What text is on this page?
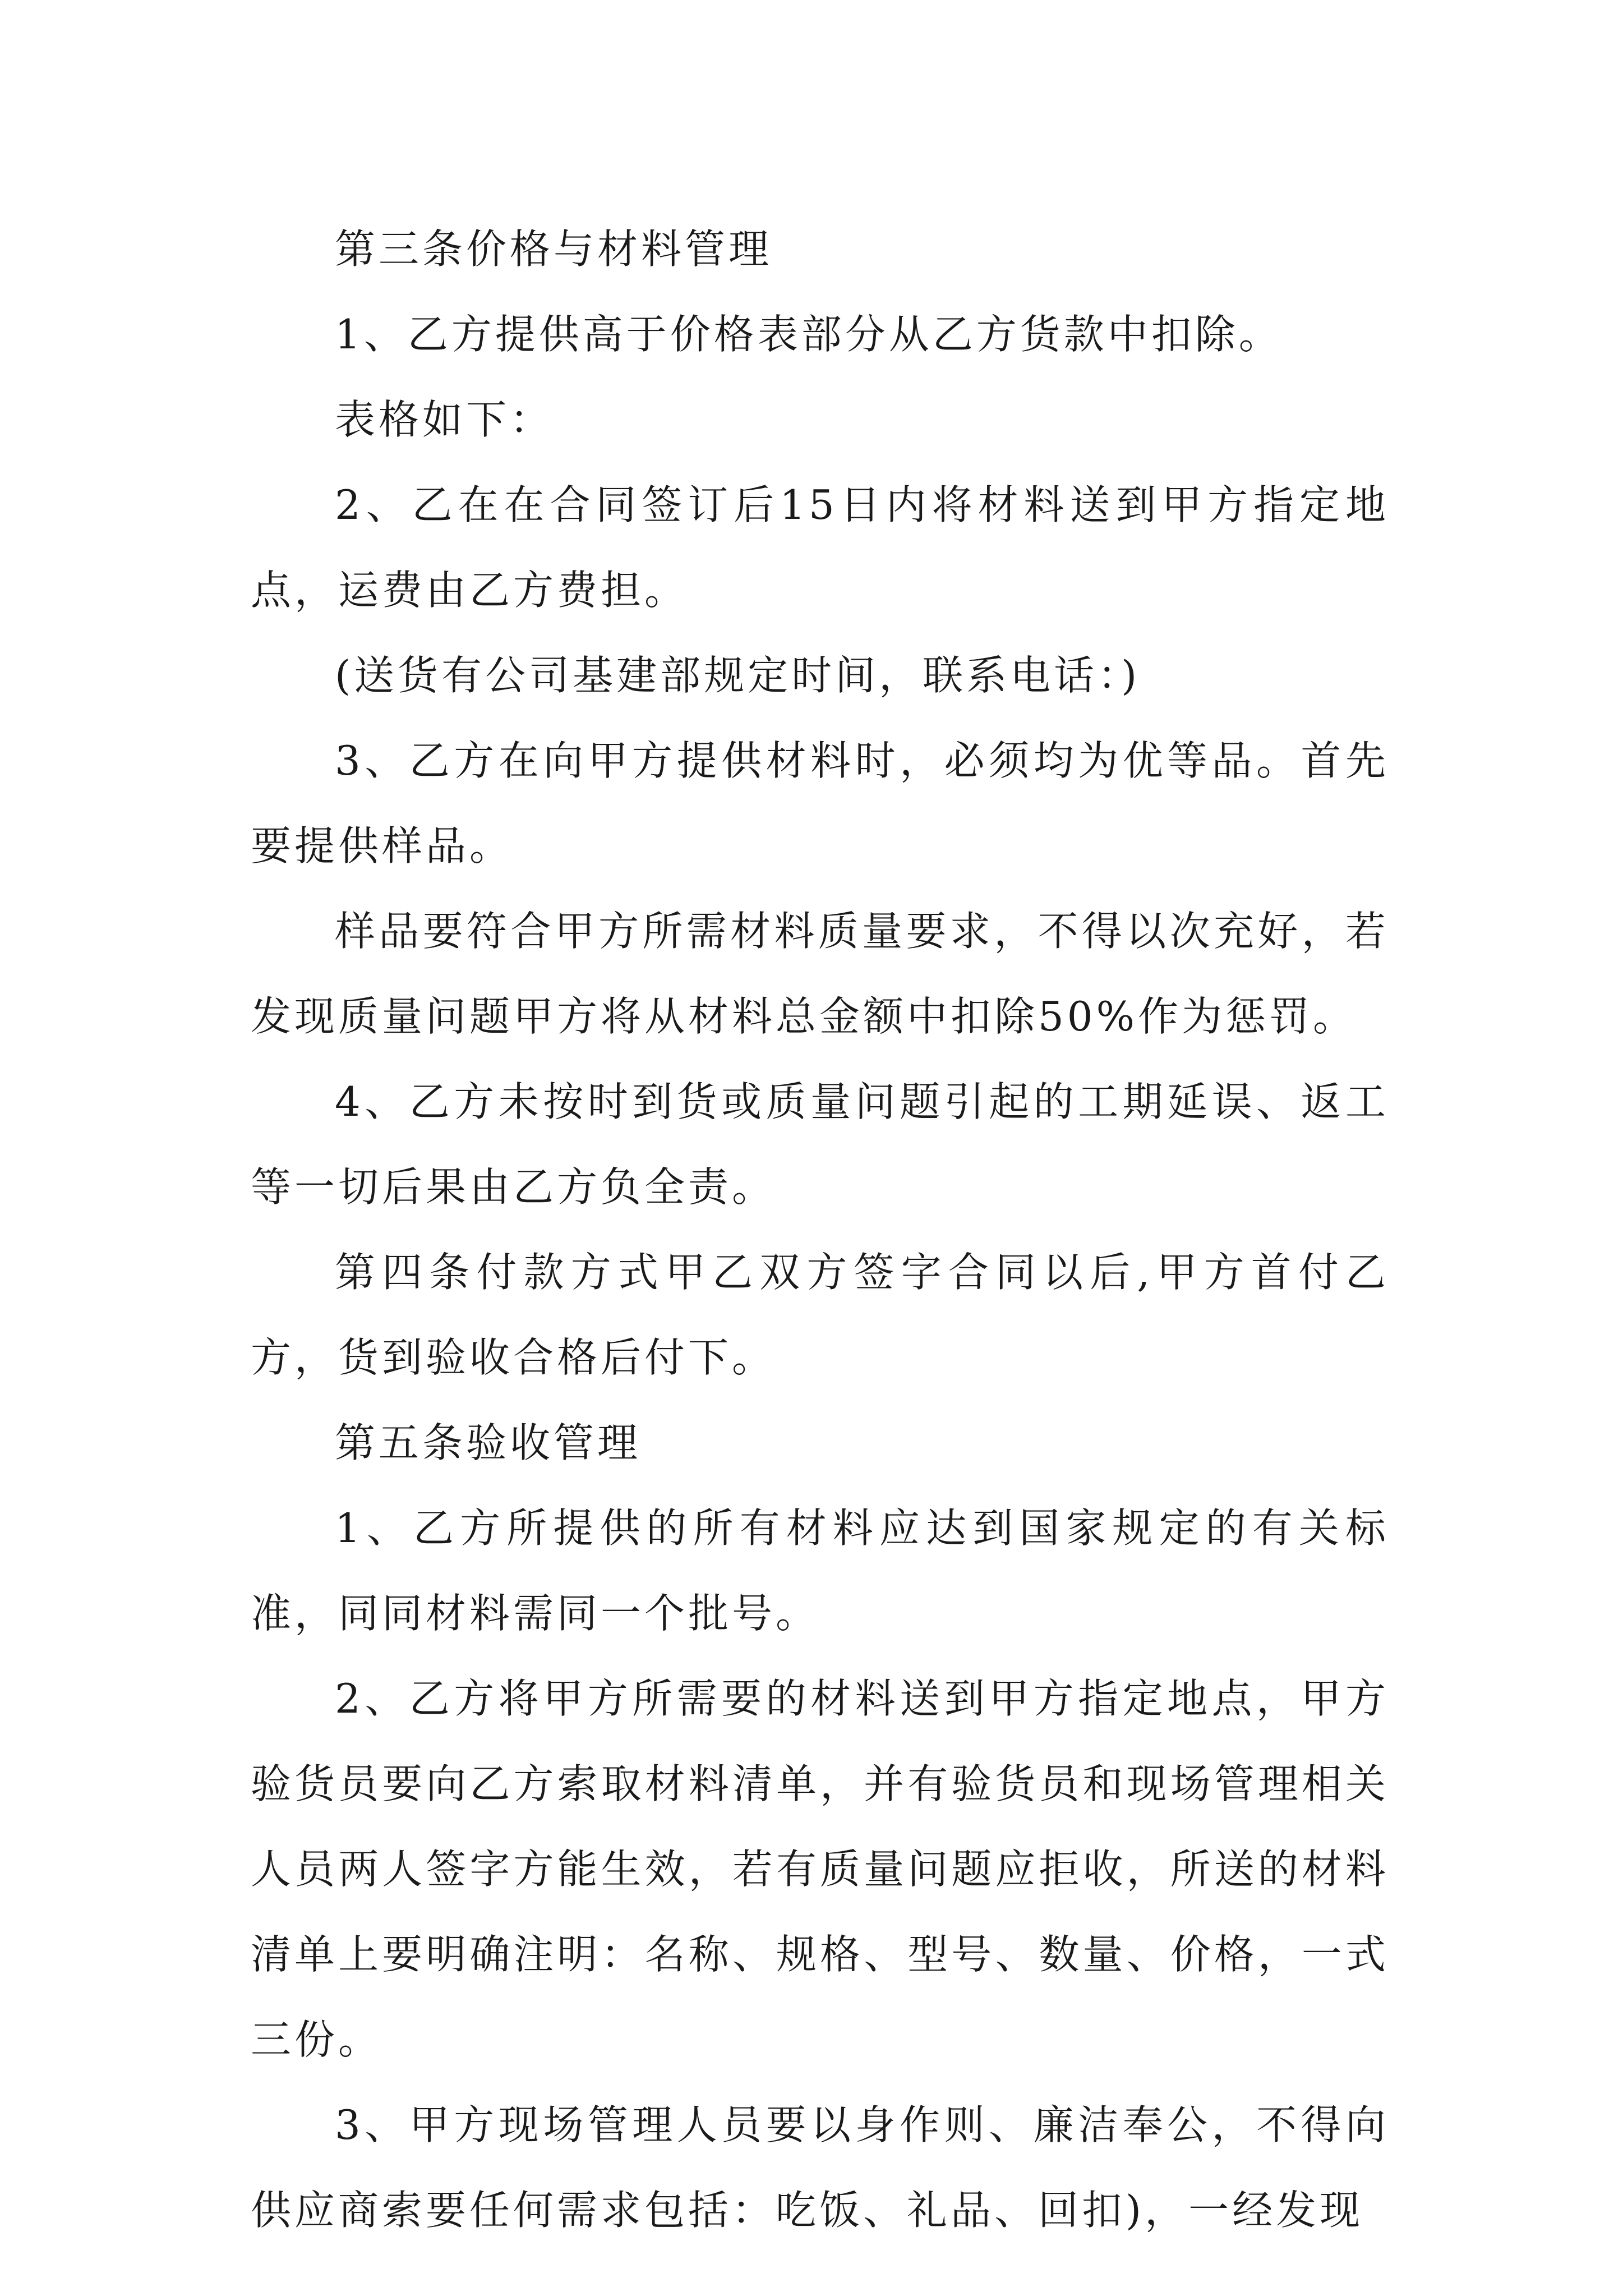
第三条价格与材料管理

1、乙方提供高于价格表部分从乙方货款中扣除。

表格如下：

2、乙在在合同签订后15日内将材料送到甲方指定地点，运费由乙方费担。

(送货有公司基建部规定时间，联系电话：)

3、乙方在向甲方提供材料时，必须均为优等品。首先要提供样品。

样品要符合甲方所需材料质量要求，不得以次充好，若发现质量问题甲方将从材料总金额中扣除50%作为惩罚。

4、乙方未按时到货或质量问题引起的工期延误、返工等一切后果由乙方负全责。

第四条付款方式甲乙双方签字合同以后,甲方首付乙方，货到验收合格后付下。

第五条验收管理

1、乙方所提供的所有材料应达到国家规定的有关标准，同同材料需同一个批号。

2、乙方将甲方所需要的材料送到甲方指定地点，甲方验货员要向乙方索取材料清单，并有验货员和现场管理相关人员两人签字方能生效，若有质量问题应拒收，所送的材料清单上要明确注明：名称、规格、型号、数量、价格，一式三份。

3、甲方现场管理人员要以身作则、廉洁奉公，不得向供应商索要任何需求包括：吃饭、礼品、回扣)，一经发现
